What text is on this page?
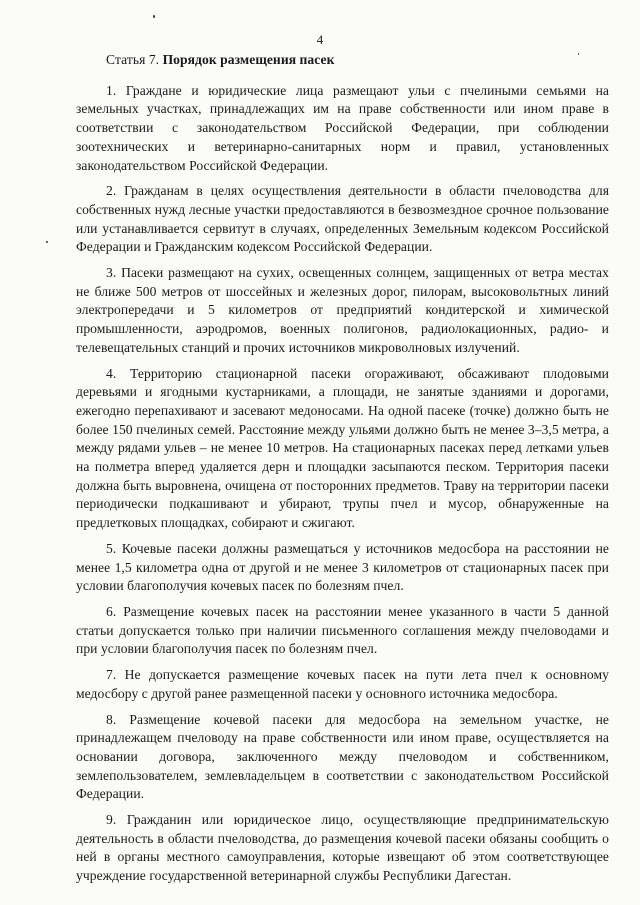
4

Статья 7. Порядок размещения пасек

1. Граждане и юридические лица размещают ульи с пчелиными семьями на земельных участках, принадлежащих им на праве собственности или ином праве в соответствии с законодательством Российской Федерации, при соблюдении зоотехнических и ветеринарно-санитарных норм и правил, установленных законодательством Российской Федерации.

2. Гражданам в целях осуществления деятельности в области пчеловодства для собственных нужд лесные участки предоставляются в безвозмездное срочное пользование или устанавливается сервитут в случаях, определенных Земельным кодексом Российской Федерации и Гражданским кодексом Российской Федерации.

3. Пасеки размещают на сухих, освещенных солнцем, защищенных от ветра местах не ближе 500 метров от шоссейных и железных дорог, пилорам, высоковольтных линий электропередачи и 5 километров от предприятий кондитерской и химической промышленности, аэродромов, военных полигонов, радиолокационных, радио- и телевещательных станций и прочих источников микроволновых излучений.

4. Территорию стационарной пасеки огораживают, обсаживают плодовыми деревьями и ягодными кустарниками, а площади, не занятые зданиями и дорогами, ежегодно перепахивают и засевают медоносами. На одной пасеке (точке) должно быть не более 150 пчелиных семей. Расстояние между ульями должно быть не менее 3–3,5 метра, а между рядами ульев – не менее 10 метров. На стационарных пасеках перед летками ульев на полметра вперед удаляется дерн и площадки засыпаются песком. Территория пасеки должна быть выровнена, очищена от посторонних предметов. Траву на территории пасеки периодически подкашивают и убирают, трупы пчел и мусор, обнаруженные на предлетковых площадках, собирают и сжигают.

5. Кочевые пасеки должны размещаться у источников медосбора на расстоянии не менее 1,5 километра одна от другой и не менее 3 километров от стационарных пасек при условии благополучия кочевых пасек по болезням пчел.

6. Размещение кочевых пасек на расстоянии менее указанного в части 5 данной статьи допускается только при наличии письменного соглашения между пчеловодами и при условии благополучия пасек по болезням пчел.

7. Не допускается размещение кочевых пасек на пути лета пчел к основному медосбору с другой ранее размещенной пасеки у основного источника медосбора.

8. Размещение кочевой пасеки для медосбора на земельном участке, не принадлежащем пчеловоду на праве собственности или ином праве, осуществляется на основании договора, заключенного между пчеловодом и собственником, землепользователем, землевладельцем в соответствии с законодательством Российской Федерации.

9. Гражданин или юридическое лицо, осуществляющие предпринимательскую деятельность в области пчеловодства, до размещения кочевой пасеки обязаны сообщить о ней в органы местного самоуправления, которые извещают об этом соответствующее учреждение государственной ветеринарной службы Республики Дагестан.
